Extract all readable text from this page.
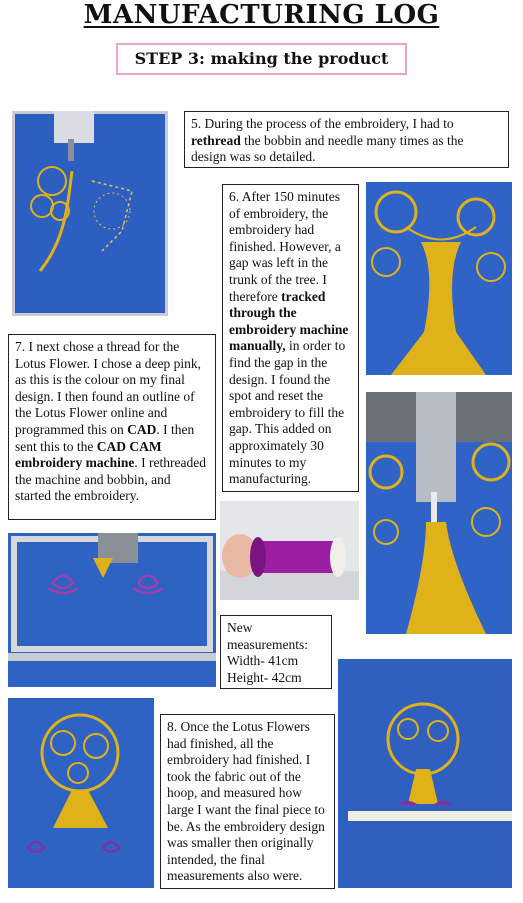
MANUFACTURING LOG
STEP 3: making the product
5. During the process of the embroidery, I had to rethread the bobbin and needle many times as the design was so detailed.
6. After 150 minutes of embroidery, the embroidery had finished. However, a gap was left in the trunk of the tree. I therefore tracked through the embroidery machine manually, in order to find the gap in the design. I found the spot and reset the embroidery to fill the gap. This added on approximately 30 minutes to my manufacturing.
7. I next chose a thread for the Lotus Flower. I chose a deep pink, as this is the colour on my final design. I then found an outline of the Lotus Flower online and programmed this on CAD. I then sent this to the CAD CAM embroidery machine. I rethreaded the machine and bobbin, and started the embroidery.
New measurements:
Width- 41cm
Height- 42cm
8. Once the Lotus Flowers had finished, all the embroidery had finished. I took the fabric out of the hoop, and measured how large I want the final piece to be. As the embroidery design was smaller then originally intended, the final measurements also were.
